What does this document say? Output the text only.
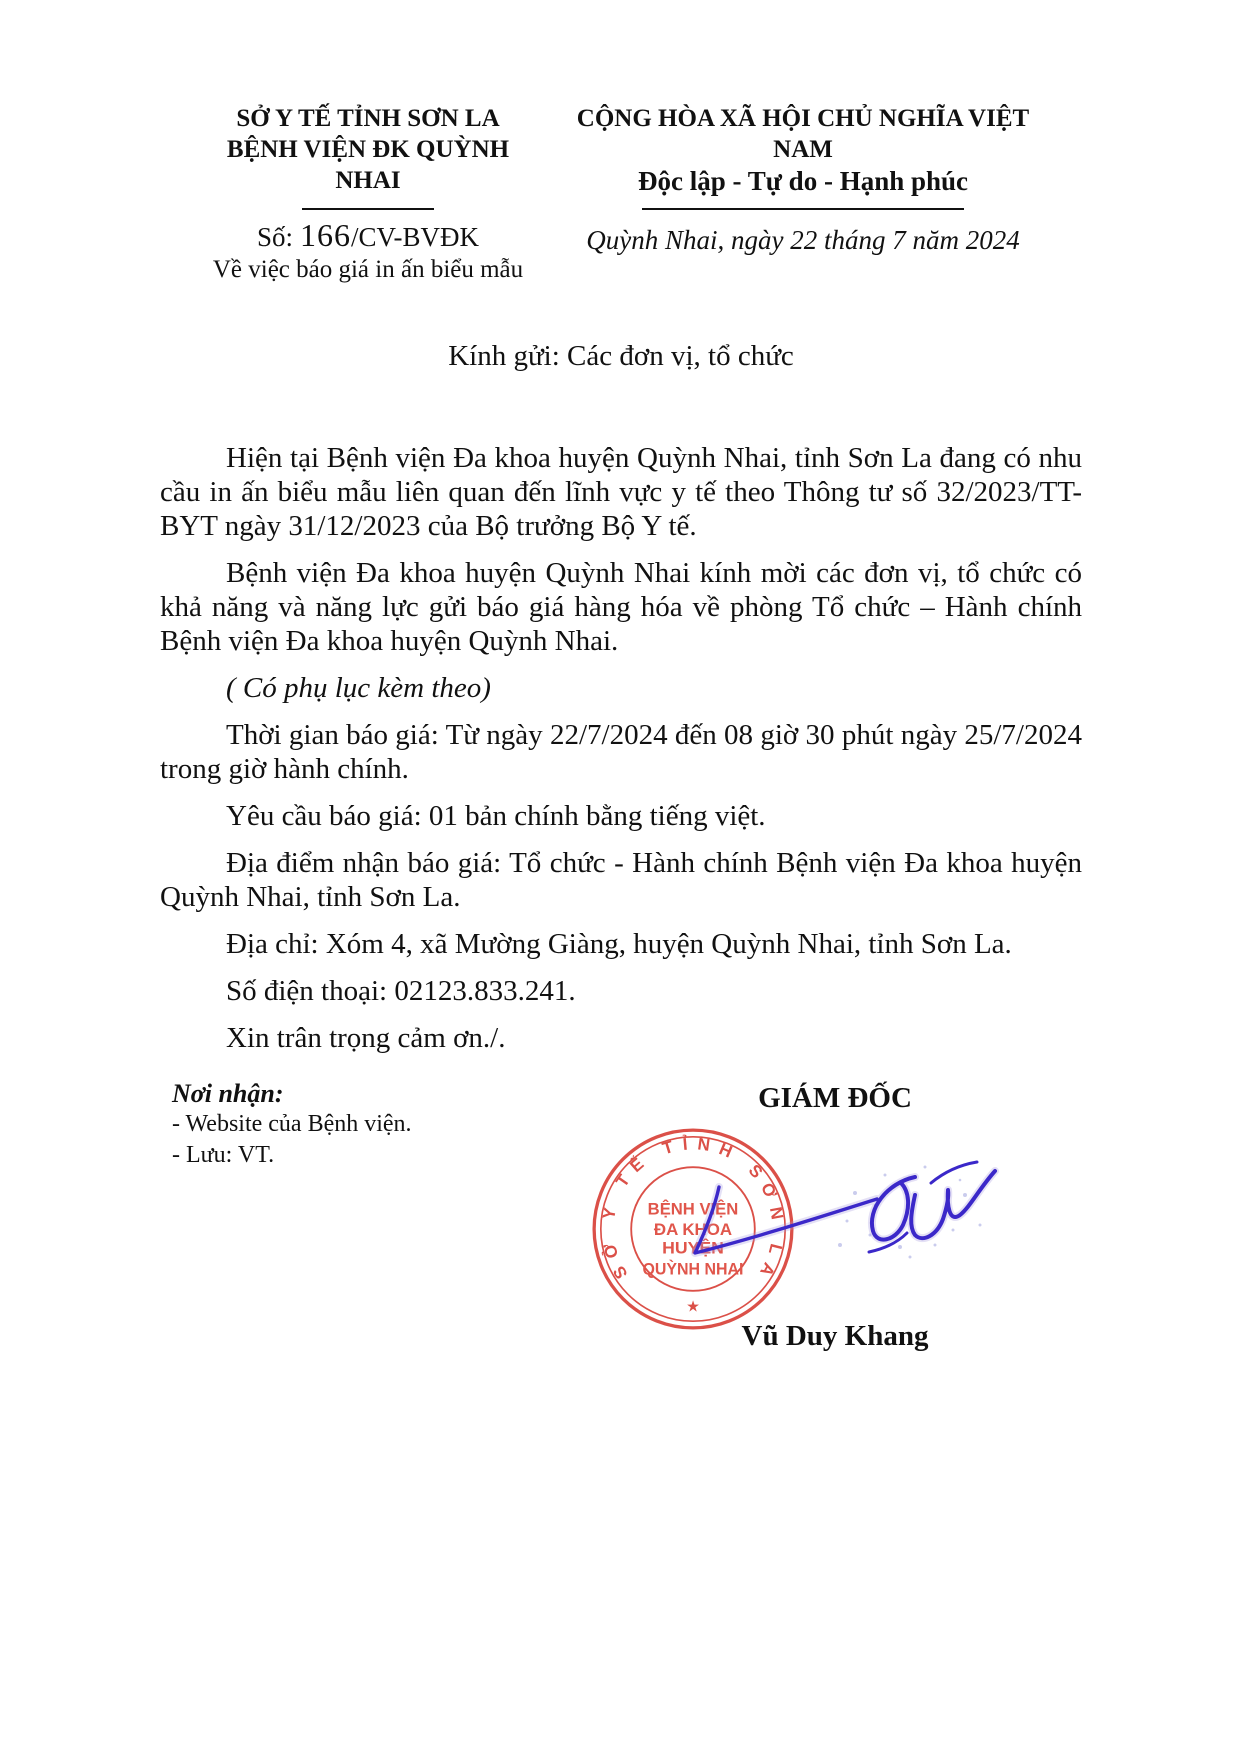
SỞ Y TẾ TỈNH SƠN LA
BỆNH VIỆN ĐK QUỲNH NHAI
Số: 166/CV-BVĐK
Về việc báo giá in ấn biểu mẫu
CỘNG HÒA XÃ HỘI CHỦ NGHĨA VIỆT NAM
Độc lập - Tự do - Hạnh phúc
Quỳnh Nhai, ngày 22 tháng 7 năm 2024
Kính gửi: Các đơn vị, tổ chức

Hiện tại Bệnh viện Đa khoa huyện Quỳnh Nhai, tỉnh Sơn La đang có nhu cầu in ấn biểu mẫu liên quan đến lĩnh vực y tế theo Thông tư số 32/2023/TT-BYT ngày 31/12/2023 của Bộ trưởng Bộ Y tế.

Bệnh viện Đa khoa huyện Quỳnh Nhai kính mời các đơn vị, tổ chức có khả năng và năng lực gửi báo giá hàng hóa về phòng Tổ chức – Hành chính Bệnh viện Đa khoa huyện Quỳnh Nhai.

( Có phụ lục kèm theo)

Thời gian báo giá: Từ ngày 22/7/2024 đến 08 giờ 30 phút ngày 25/7/2024 trong giờ hành chính.

Yêu cầu báo giá: 01 bản chính bằng tiếng việt.

Địa điểm nhận báo giá: Tổ chức - Hành chính Bệnh viện Đa khoa huyện Quỳnh Nhai, tỉnh Sơn La.

Địa chỉ: Xóm 4, xã Mường Giàng, huyện Quỳnh Nhai, tỉnh Sơn La.

Số điện thoại: 02123.833.241.

Xin trân trọng cảm ơn./.

Nơi nhận:
- Website của Bệnh viện.
- Lưu: VT.
GIÁM ĐỐC
SỞ Y TẾ TỈNH SƠN LA
BỆNH VIỆN
ĐA KHOA
HUYỆN
QUỲNH NHAI
★
Vũ Duy Khang
